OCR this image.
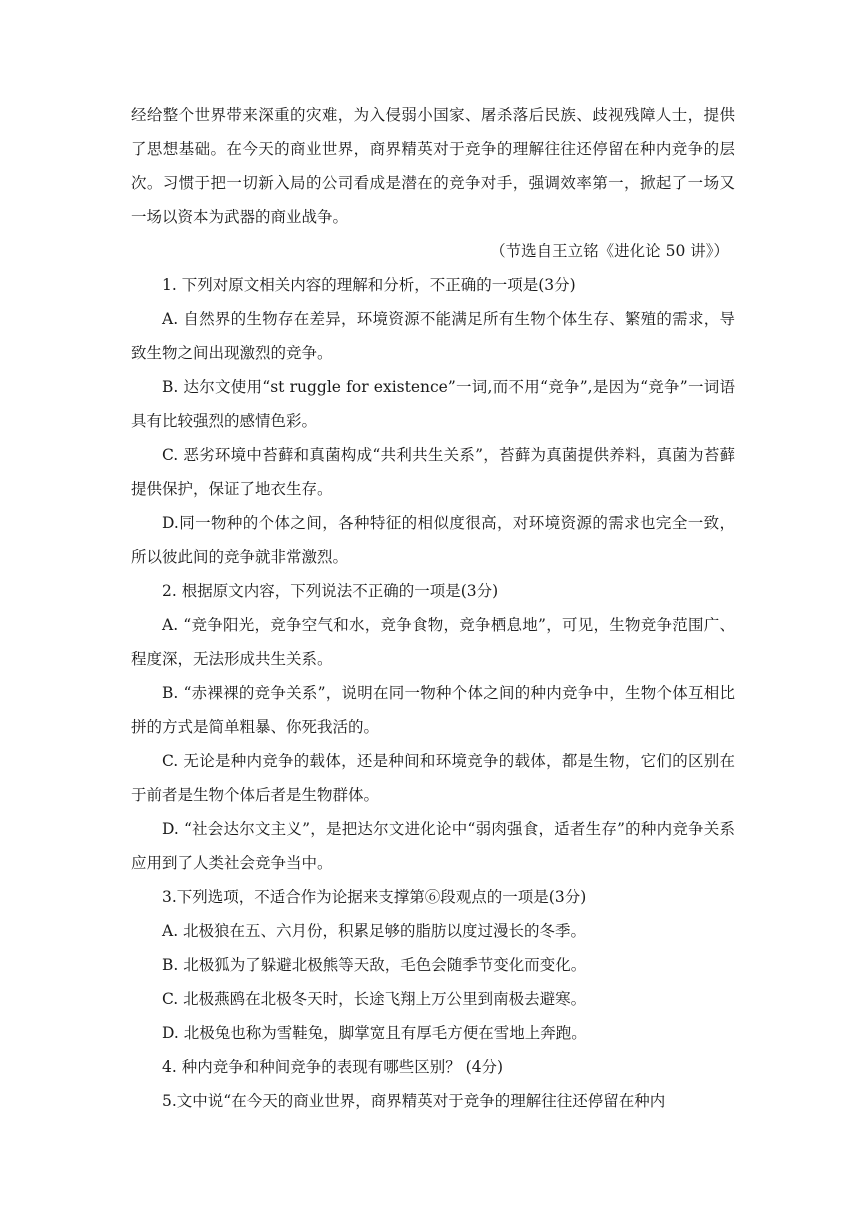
经给整个世界带来深重的灾难，为入侵弱小国家、屠杀落后民族、歧视残障人士，提供了思想基础。在今天的商业世界，商界精英对于竞争的理解往往还停留在种内竞争的层次。习惯于把一切新入局的公司看成是潜在的竞争对手，强调效率第一，掀起了一场又一场以资本为武器的商业战争。

（节选自王立铭《进化论 50 讲》）

1. 下列对原文相关内容的理解和分析，不正确的一项是(3分)

A. 自然界的生物存在差异，环境资源不能满足所有生物个体生存、繁殖的需求，导致生物之间出现激烈的竞争。

B. 达尔文使用“st ruggle for existence”一词,而不用“竞争”,是因为“竞争”一词语具有比较强烈的感情色彩。

C. 恶劣环境中苔藓和真菌构成“共利共生关系”，苔藓为真菌提供养料，真菌为苔藓提供保护，保证了地衣生存。

D.同一物种的个体之间，各种特征的相似度很高，对环境资源的需求也完全一致，所以彼此间的竞争就非常激烈。

2. 根据原文内容，下列说法不正确的一项是(3分)

A. “竞争阳光，竞争空气和水，竞争食物，竞争栖息地”，可见，生物竞争范围广、程度深，无法形成共生关系。

B. “赤裸裸的竞争关系”，说明在同一物种个体之间的种内竞争中，生物个体互相比拼的方式是简单粗暴、你死我活的。

C. 无论是种内竞争的载体，还是种间和环境竞争的载体，都是生物，它们的区别在于前者是生物个体后者是生物群体。

D. “社会达尔文主义”，是把达尔文进化论中“弱肉强食，适者生存”的种内竞争关系应用到了人类社会竞争当中。

3.下列选项，不适合作为论据来支撑第⑥段观点的一项是(3分)

A. 北极狼在五、六月份，积累足够的脂肪以度过漫长的冬季。

B. 北极狐为了躲避北极熊等天敌，毛色会随季节变化而变化。

C. 北极燕鸥在北极冬天时，长途飞翔上万公里到南极去避寒。

D. 北极兔也称为雪鞋兔，脚掌宽且有厚毛方便在雪地上奔跑。

4. 种内竞争和种间竞争的表现有哪些区别？ (4分)

5.文中说“在今天的商业世界，商界精英对于竞争的理解往往还停留在种内
